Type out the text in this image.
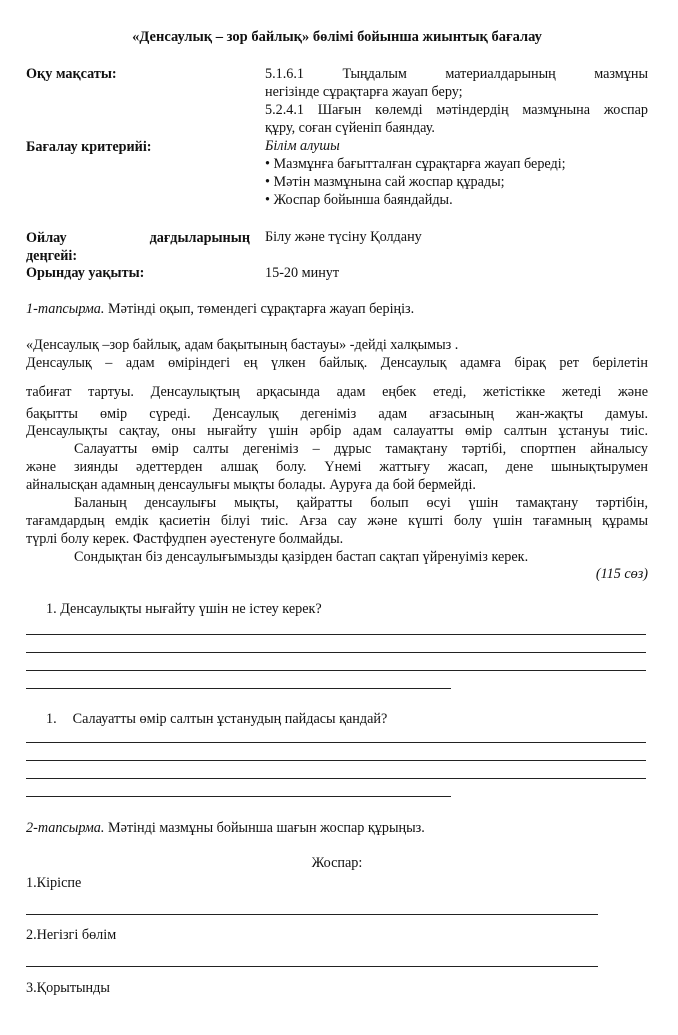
«Денсаулық – зор байлық» бөлімі бойынша жиынтық бағалау
Оқу мақсаты:	5.1.6.1 Тыңдалым материалдарының мазмұны
негізінде сұрақтарға жауап беру;
5.2.4.1 Шағын көлемді мәтіндердің мазмұнына жоспар
құру, соған сүйеніп баяндау.
Бағалау критерийі:	Білім алушы
• Мазмұнға бағытталған сұрақтарға жауап береді;
• Мәтін мазмұнына сай жоспар құрады;
• Жоспар бойынша баяндайды.
Ойлау дағдыларының
деңгейі:
Білу және түсіну Қолдану
Орындау уақыты:	15-20 минут
1-тапсырма. Мәтінді оқып, төмендегі сұрақтарға жауап беріңіз.
«Денсаулық –зор байлық, адам бақытының бастауы» -дейді халқымыз .
Денсаулық – адам өміріндегі ең үлкен байлық. Денсаулық адамға бірақ рет берілетін
табиғат тартуы. Денсаулықтың арқасында адам еңбек етеді, жетістікке жетеді және
бақытты өмір сүреді. Денсаулық дегеніміз адам ағзасының жан-жақты дамуы.
Денсаулықты сақтау, оны нығайту үшін әрбір адам салауатты өмір салтын ұстануы тиіс.
Салауатты өмір салты дегеніміз – дұрыс тамақтану тәртібі, спортпен айналысу
және зиянды әдеттерден алшақ болу. Үнемі жаттығу жасап, дене шынықтырумен
айналысқан адамның денсаулығы мықты болады. Ауруға да бой бермейді.
Баланың денсаулығы мықты, қайратты болып өсуі үшін тамақтану тәртібін,
тағамдардың емдік қасиетін білуі тиіс. Ағза сау және күшті болу үшін тағамның құрамы
түрлі болу керек. Фастфудпен әуестенуге болмайды.
Сондықтан біз денсаулығымызды қазірден бастап сақтап үйренуіміз керек.
(115 сөз)
1. Денсаулықты нығайту үшін не істеу керек?
1. Салауатты өмір салтын ұстанудың пайдасы қандай?
2-тапсырма. Мәтінді мазмұны бойынша шағын жоспар құрыңыз.
Жоспар:
1.Кіріспе
2.Негізгі бөлім
3.Қорытынды
